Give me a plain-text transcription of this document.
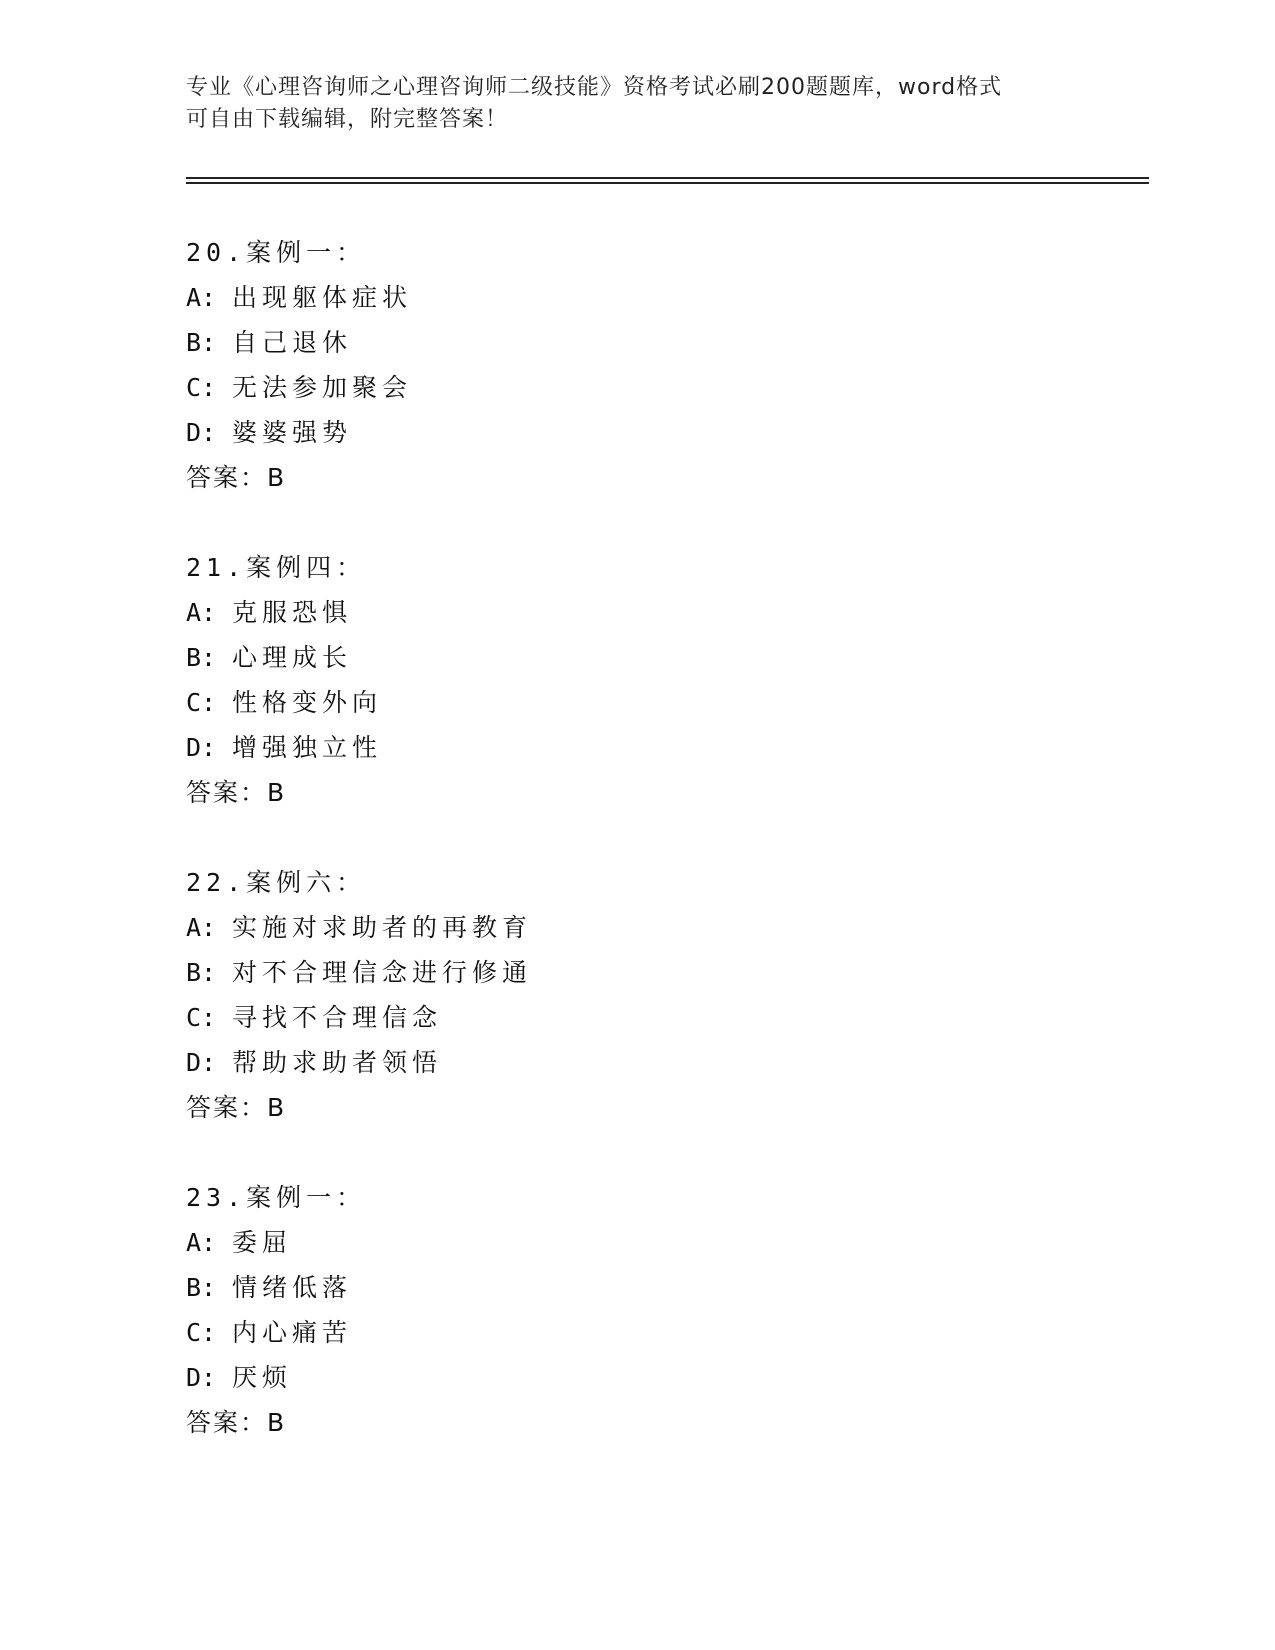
专业《心理咨询师之心理咨询师二级技能》资格考试必刷200题题库，word格式
可自由下载编辑，附完整答案！
20.案例一：
A: 出现躯体症状
B: 自己退休
C: 无法参加聚会
D: 婆婆强势
答案：B
21.案例四：
A: 克服恐惧
B: 心理成长
C: 性格变外向
D: 增强独立性
答案：B
22.案例六：
A: 实施对求助者的再教育
B: 对不合理信念进行修通
C: 寻找不合理信念
D: 帮助求助者领悟
答案：B
23.案例一：
A: 委屈
B: 情绪低落
C: 内心痛苦
D: 厌烦
答案：B
